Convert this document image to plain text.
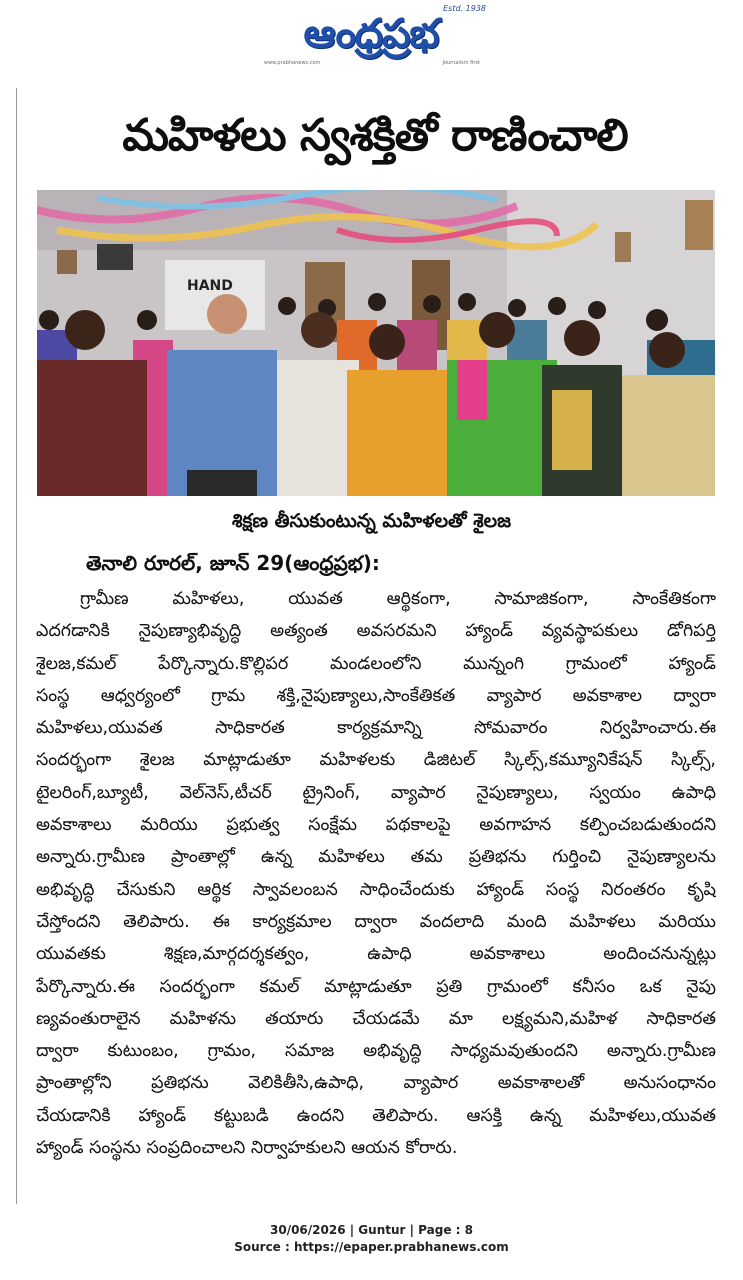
ఆంధ్రప్రభ
Estd. 1938
www.prabhanews.com	Journalism first
మహిళలు స్వశక్తితో రాణించాలి
HAND
శిక్షణ తీసుకుంటున్న మహిళలతో శైలజ
తెనాలి రూరల్, జూన్ 29(ఆంధ్రప్రభ):
గ్రామీణ మహిళలు, యువత ఆర్థికంగా, సామాజికంగా, సాంకేతికంగా
ఎదగడానికి నైపుణ్యాభివృద్ధి అత్యంత అవసరమని హ్యాండ్ వ్యవస్థాపకులు డోగిపర్తి
శైలజ,కమల్ పేర్కొన్నారు.కొల్లిపర మండలంలోని మున్నంగి గ్రామంలో హ్యాండ్
సంస్థ ఆధ్వర్యంలో గ్రామ శక్తి,నైపుణ్యాలు,సాంకేతికత వ్యాపార అవకాశాల ద్వారా
మహిళలు,యువత సాధికారత కార్యక్రమాన్ని సోమవారం నిర్వహించారు.ఈ
సందర్భంగా శైలజ మాట్లాడుతూ మహిళలకు డిజిటల్ స్కిల్స్,కమ్యూనికేషన్ స్కిల్స్,
టైలరింగ్,బ్యూటీ, వెల్‌నెస్,టీచర్ ట్రైనింగ్, వ్యాపార నైపుణ్యాలు, స్వయం ఉపాధి
అవకాశాలు మరియు ప్రభుత్వ సంక్షేమ పథకాలపై అవగాహన కల్పించబడుతుందని
అన్నారు.గ్రామీణ ప్రాంతాల్లో ఉన్న మహిళలు తమ ప్రతిభను గుర్తించి నైపుణ్యాలను
అభివృద్ధి చేసుకుని ఆర్థిక స్వావలంబన సాధించేందుకు హ్యాండ్ సంస్థ నిరంతరం కృషి
చేస్తోందని తెలిపారు. ఈ కార్యక్రమాల ద్వారా వందలాది మంది మహిళలు మరియు
యువతకు శిక్షణ,మార్గదర్శకత్వం, ఉపాధి అవకాశాలు అందించనున్నట్లు
పేర్కొన్నారు.ఈ సందర్భంగా కమల్ మాట్లాడుతూ ప్రతి గ్రామంలో కనీసం ఒక నైపు
ణ్యవంతురాలైన మహిళను తయారు చేయడమే మా లక్ష్యమని,మహిళ సాధికారత
ద్వారా కుటుంబం, గ్రామం, సమాజ అభివృద్ధి సాధ్యమవుతుందని అన్నారు.గ్రామీణ
ప్రాంతాల్లోని ప్రతిభను వెలికితీసి,ఉపాధి, వ్యాపార అవకాశాలతో అనుసంధానం
చేయడానికి హ్యాండ్ కట్టుబడి ఉందని తెలిపారు. ఆసక్తి ఉన్న మహిళలు,యువత
హ్యాండ్ సంస్థను సంప్రదించాలని నిర్వాహకులని ఆయన కోరారు.
30/06/2026 | Guntur | Page : 8
Source : https://epaper.prabhanews.com
